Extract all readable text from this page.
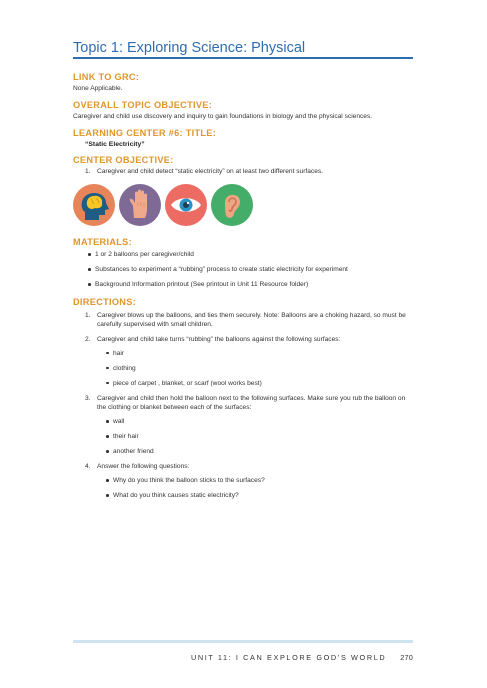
Topic 1: Exploring Science: Physical

LINK TO GRC:

None Applicable.

OVERALL TOPIC OBJECTIVE:

Caregiver and child use discovery and inquiry to gain foundations in biology and the physical sciences.

LEARNING CENTER #6: TITLE:

“Static Electricity”

CENTER OBJECTIVE:

1. Caregiver and child detect “static electricity” on at least two different surfaces.

MATERIALS:

1 or 2 balloons per caregiver/child
Substances to experiment a “rubbing” process to create static electricity for experiment
Background Information printout (See printout in Unit 11 Resource folder)

DIRECTIONS:

1. Caregiver blows up the balloons, and ties them securely. Note: Balloons are a choking hazard, so must be carefully supervised with small children.
2. Caregiver and child take turns “rubbing” the balloons against the following surfaces:
hair
clothing
piece of carpet , blanket, or scarf (wool works best)
3. Caregiver and child then hold the balloon next to the following surfaces. Make sure you rub the balloon on the clothing or blanket between each of the surfaces:
wall
their hair
another friend
4. Answer the following questions:
Why do you think the balloon sticks to the surfaces?
What do you think causes static electricity?
UNIT 11: I CAN EXPLORE GOD’S WORLD 270
